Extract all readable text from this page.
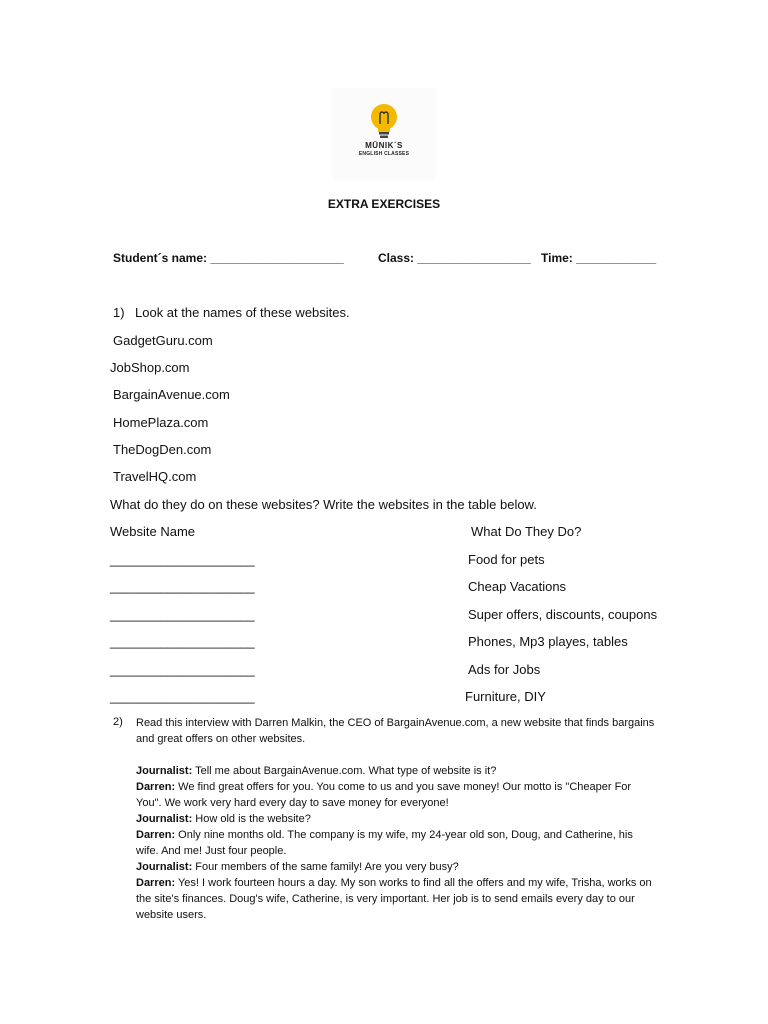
MŪNIK´S
ENGLISH CLASSES
EXTRA EXERCISES
Student´s name: ____________________	Class: _________________ Time: ____________
1) Look at the names of these websites.
GadgetGuru.com
JobShop.com
BargainAvenue.com
HomePlaza.com
TheDogDen.com
TravelHQ.com
What do they do on these websites? Write the websites in the table below.
Website Name	What Do They Do?
____________________	Food for pets
____________________	Cheap Vacations
____________________	Super offers, discounts, coupons
____________________	Phones, Mp3 playes, tables
____________________	Ads for Jobs
____________________	Furniture, DIY
2) Read this interview with Darren Malkin, the CEO of BargainAvenue.com, a new website that finds bargains and great offers on other websites.
Journalist: Tell me about BargainAvenue.com. What type of website is it?
Darren: We find great offers for you. You come to us and you save money! Our motto is "Cheaper For You". We work very hard every day to save money for everyone!
Journalist: How old is the website?
Darren: Only nine months old. The company is my wife, my 24-year old son, Doug, and Catherine, his wife. And me! Just four people.
Journalist: Four members of the same family! Are you very busy?
Darren: Yes! I work fourteen hours a day. My son works to find all the offers and my wife, Trisha, works on the site's finances. Doug's wife, Catherine, is very important. Her job is to send emails every day to our website users.
